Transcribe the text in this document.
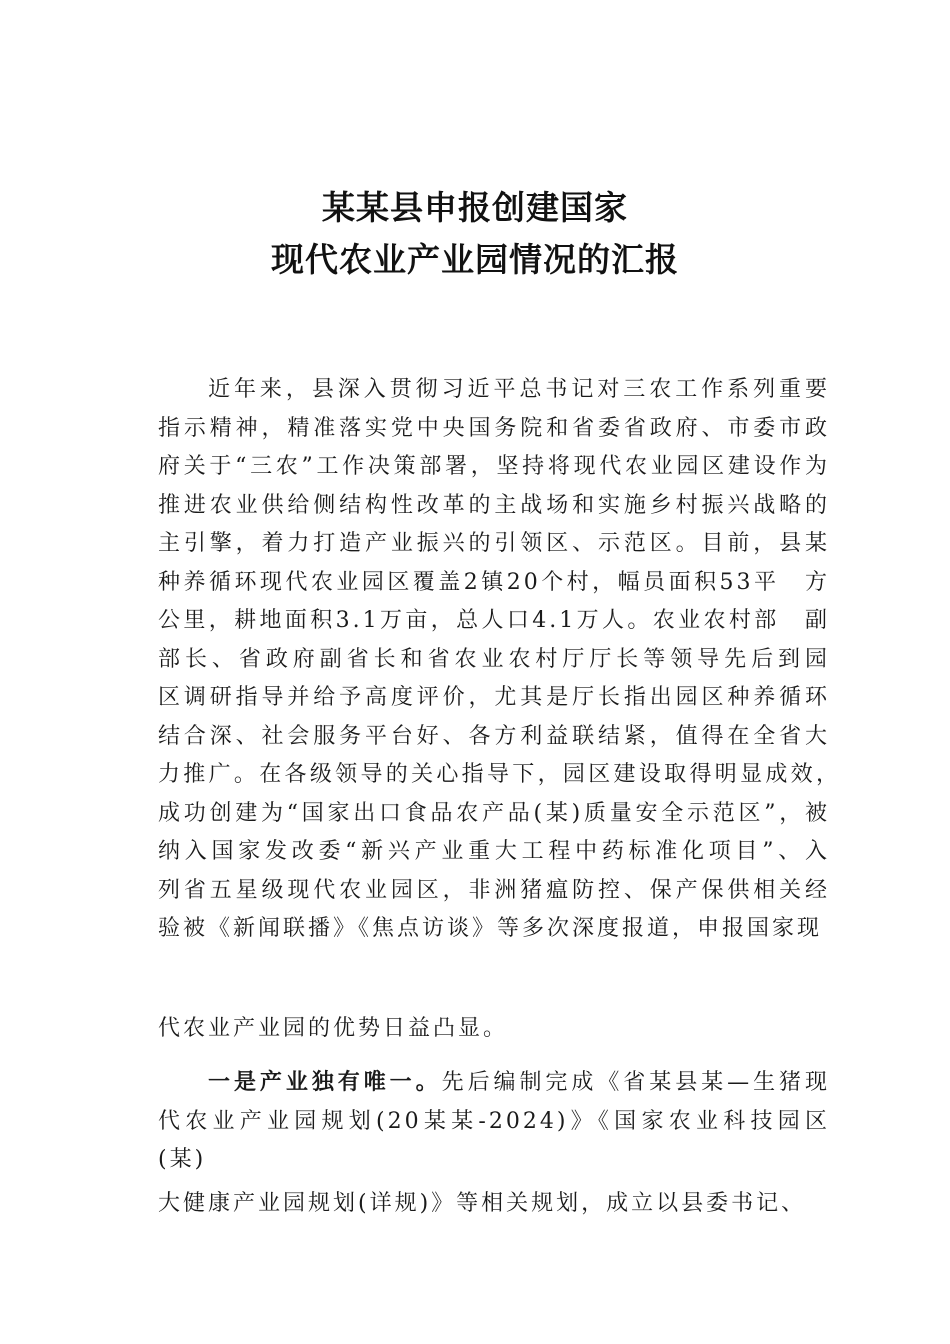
某某县申报创建国家
现代农业产业园情况的汇报
近年来，县深入贯彻习近平总书记对三农工作系列重要指示精神，精准落实党中央国务院和省委省政府、市委市政府关于“三农”工作决策部署，坚持将现代农业园区建设作为推进农业供给侧结构性改革的主战场和实施乡村振兴战略的主引擎，着力打造产业振兴的引领区、示范区。目前，县某种养循环现代农业园区覆盖2镇20个村，幅员面积53平　方公里，耕地面积3.1万亩，总人口4.1万人。农业农村部　副部长、省政府副省长和省农业农村厅厅长等领导先后到园　区调研指导并给予高度评价，尤其是厅长指出园区种养循环　结合深、社会服务平台好、各方利益联结紧，值得在全省大　力推广。在各级领导的关心指导下，园区建设取得明显成效，　成功创建为“国家出口食品农产品(某)质量安全示范区”，被纳入国家发改委“新兴产业重大工程中药标准化项目”、入　列省五星级现代农业园区，非洲猪瘟防控、保产保供相关经　验被《新闻联播》《焦点访谈》等多次深度报道，申报国家现
代农业产业园的优势日益凸显。
一是产业独有唯一。先后编制完成《省某县某—生猪现代农业产业园规划(20某某-2024)》《国家农业科技园区(某)
大健康产业园规划(详规)》等相关规划，成立以县委书记、
